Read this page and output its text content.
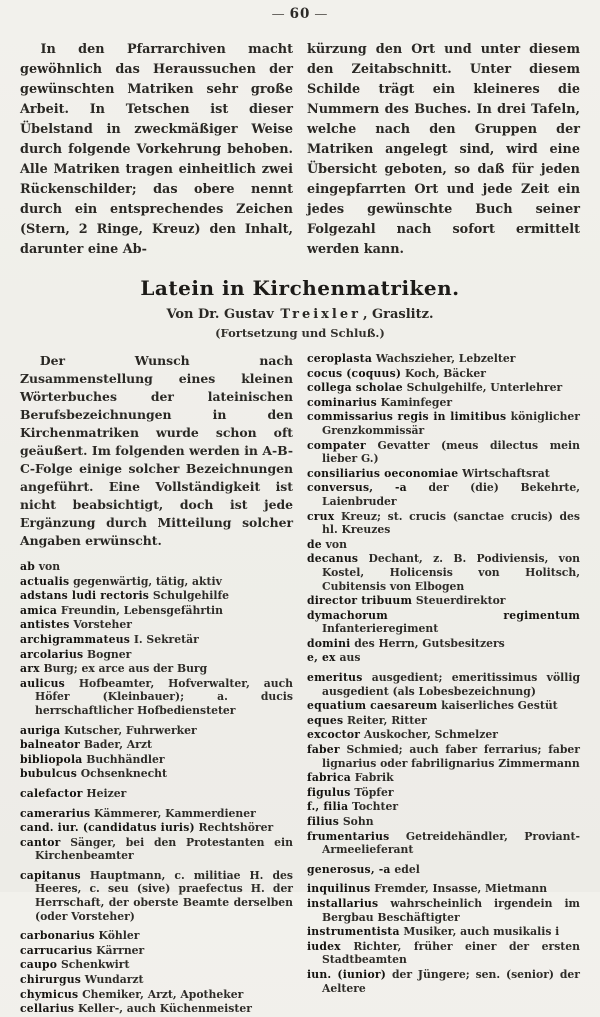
— 60 —

In den Pfarrarchiven macht gewöhnlich das Heraussuchen der gewünschten Matriken sehr große Arbeit. In Tetschen ist dieser Übelstand in zweckmäßiger Weise durch folgende Vorkehrung behoben. Alle Matriken tragen einheitlich zwei Rückenschilder; das obere nennt durch ein entsprechendes Zeichen (Stern, 2 Ringe, Kreuz) den Inhalt, darunter eine Ab-

kürzung den Ort und unter diesem den Zeitabschnitt. Unter diesem Schilde trägt ein kleineres die Nummern des Buches. In drei Tafeln, welche nach den Gruppen der Matriken angelegt sind, wird eine Übersicht geboten, so daß für jeden eingepfarrten Ort und jede Zeit ein jedes gewünschte Buch seiner Folgezahl nach sofort ermittelt werden kann.

Latein in Kirchenmatriken.
Von Dr. Gustav Treixler , Graslitz.
(Fortsetzung und Schluß.)

Der Wunsch nach Zusammenstellung eines kleinen Wörterbuches der lateinischen Berufsbezeichnungen in den Kirchenmatriken wurde schon oft geäußert. Im folgenden werden in A-B-C-Folge einige solcher Bezeichnungen angeführt. Eine Vollständigkeit ist nicht beabsichtigt, doch ist jede Ergänzung durch Mitteilung solcher Angaben erwünscht.

ab von
actualis gegenwärtig, tätig, aktiv
adstans ludi rectoris Schulgehilfe
amica Freundin, Lebensgefährtin
antistes Vorsteher
archigrammateus I. Sekretär
arcolarius Bogner
arx Burg; ex arce aus der Burg
aulicus Hofbeamter, Hofverwalter, auch Höfer (Kleinbauer); a. ducis herrschaftlicher Hofbediensteter
auriga Kutscher, Fuhrwerker
balneator Bader, Arzt
bibliopola Buchhändler
bubulcus Ochsenknecht
calefactor Heizer
camerarius Kämmerer, Kammerdiener
cand. iur. (candidatus iuris) Rechtshörer
cantor Sänger, bei den Protestanten ein Kirchenbeamter
capitanus Hauptmann, c. militiae H. des Heeres, c. seu (sive) praefectus H. der Herrschaft, der oberste Beamte derselben (oder Vorsteher)
carbonarius Köhler
carrucarius Kärrner
caupo Schenkwirt
chirurgus Wundarzt
chymicus Chemiker, Arzt, Apotheker
cellarius Keller-, auch Küchenmeister
ceroplasta Wachszieher, Lebzelter
cocus (coquus) Koch, Bäcker
collega scholae Schulgehilfe, Unterlehrer
cominarius Kaminfeger
commissarius regis in limitibus königlicher Grenzkommissär
compater Gevatter (meus dilectus mein lieber G.)
consiliarius oeconomiae Wirtschaftsrat
conversus, -a der (die) Bekehrte, Laienbruder
crux Kreuz; st. crucis (sanctae crucis) des hl. Kreuzes
de von
decanus Dechant, z. B. Podiviensis, von Kostel, Holicensis von Holitsch, Cubitensis von Elbogen
director tribuum Steuerdirektor
dymachorum regimentum Infanterieregiment
domini des Herrn, Gutsbesitzers
e, ex aus
emeritus ausgedient; emeritissimus völlig ausgedient (als Lobesbezeichnung)
equatium caesareum kaiserliches Gestüt
eques Reiter, Ritter
excoctor Auskocher, Schmelzer
faber Schmied; auch faber ferrarius; faber lignarius oder fabrilignarius Zimmermann
fabrica Fabrik
figulus Töpfer
f., filia Tochter
filius Sohn
frumentarius Getreidehändler, Proviant- Armeelieferant
generosus, -a edel
inquilinus Fremder, Insasse, Mietmann
installarius wahrscheinlich irgendein im Bergbau Beschäftigter
instrumentista Musiker, auch musikalis i
iudex Richter, früher einer der ersten Stadtbeamten
iun. (iunior) der Jüngere; sen. (senior) der Aeltere
